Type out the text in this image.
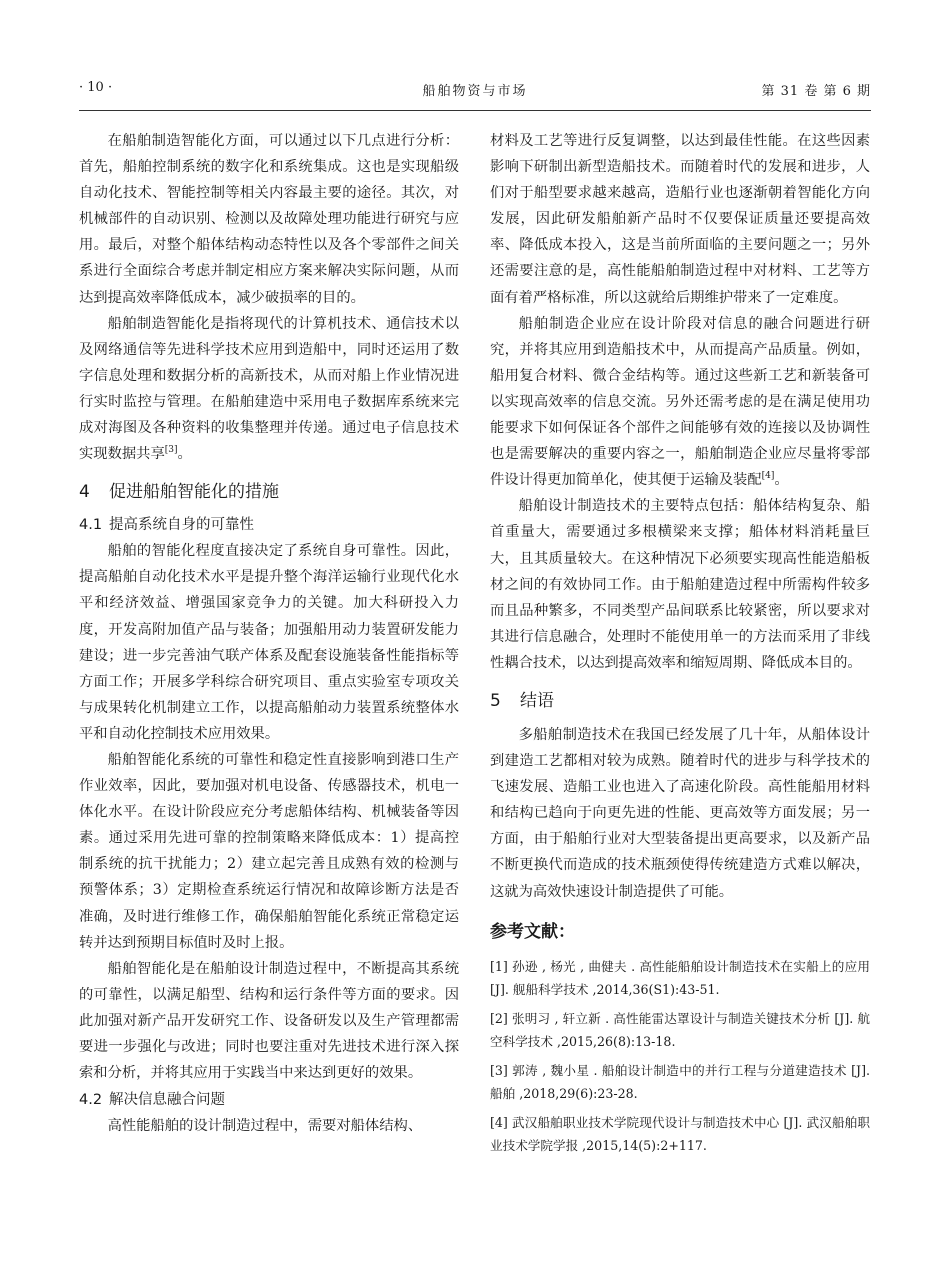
· 10 ·	船舶物资与市场	第 31 卷 第 6 期

在船舶制造智能化方面，可以通过以下几点进行分析：首先，船舶控制系统的数字化和系统集成。这也是实现船级自动化技术、智能控制等相关内容最主要的途径。其次，对机械部件的自动识别、检测以及故障处理功能进行研究与应用。最后，对整个船体结构动态特性以及各个零部件之间关系进行全面综合考虑并制定相应方案来解决实际问题，从而达到提高效率降低成本，减少破损率的目的。

船舶制造智能化是指将现代的计算机技术、通信技术以及网络通信等先进科学技术应用到造船中，同时还运用了数字信息处理和数据分析的高新技术，从而对船上作业情况进行实时监控与管理。在船舶建造中采用电子数据库系统来完成对海图及各种资料的收集整理并传递。通过电子信息技术实现数据共享[3]。

4 促进船舶智能化的措施
4.1 提高系统自身的可靠性

船舶的智能化程度直接决定了系统自身可靠性。因此，提高船舶自动化技术水平是提升整个海洋运输行业现代化水平和经济效益、增强国家竞争力的关键。加大科研投入力度，开发高附加值产品与装备；加强船用动力装置研发能力建设；进一步完善油气联产体系及配套设施装备性能指标等方面工作；开展多学科综合研究项目、重点实验室专项攻关与成果转化机制建立工作，以提高船舶动力装置系统整体水平和自动化控制技术应用效果。

船舶智能化系统的可靠性和稳定性直接影响到港口生产作业效率，因此，要加强对机电设备、传感器技术，机电一体化水平。在设计阶段应充分考虑船体结构、机械装备等因素。通过采用先进可靠的控制策略来降低成本：1）提高控制系统的抗干扰能力；2）建立起完善且成熟有效的检测与预警体系；3）定期检查系统运行情况和故障诊断方法是否准确，及时进行维修工作，确保船舶智能化系统正常稳定运转并达到预期目标值时及时上报。

船舶智能化是在船舶设计制造过程中，不断提高其系统的可靠性，以满足船型、结构和运行条件等方面的要求。因此加强对新产品开发研究工作、设备研发以及生产管理都需要进一步强化与改进；同时也要注重对先进技术进行深入探索和分析，并将其应用于实践当中来达到更好的效果。

4.2 解决信息融合问题

高性能船舶的设计制造过程中，需要对船体结构、

材料及工艺等进行反复调整，以达到最佳性能。在这些因素影响下研制出新型造船技术。而随着时代的发展和进步，人们对于船型要求越来越高，造船行业也逐渐朝着智能化方向发展，因此研发船舶新产品时不仅要保证质量还要提高效率、降低成本投入，这是当前所面临的主要问题之一；另外还需要注意的是，高性能船舶制造过程中对材料、工艺等方面有着严格标准，所以这就给后期维护带来了一定难度。

船舶制造企业应在设计阶段对信息的融合问题进行研究，并将其应用到造船技术中，从而提高产品质量。例如，船用复合材料、微合金结构等。通过这些新工艺和新装备可以实现高效率的信息交流。另外还需考虑的是在满足使用功能要求下如何保证各个部件之间能够有效的连接以及协调性也是需要解决的重要内容之一，船舶制造企业应尽量将零部件设计得更加简单化，使其便于运输及装配[4]。

船舶设计制造技术的主要特点包括：船体结构复杂、船首重量大，需要通过多根横梁来支撑；船体材料消耗量巨大，且其质量较大。在这种情况下必须要实现高性能造船板材之间的有效协同工作。由于船舶建造过程中所需构件较多而且品种繁多，不同类型产品间联系比较紧密，所以要求对其进行信息融合，处理时不能使用单一的方法而采用了非线性耦合技术，以达到提高效率和缩短周期、降低成本目的。

5 结语

多船舶制造技术在我国已经发展了几十年，从船体设计到建造工艺都相对较为成熟。随着时代的进步与科学技术的飞速发展、造船工业也进入了高速化阶段。高性能船用材料和结构已趋向于向更先进的性能、更高效等方面发展；另一方面，由于船舶行业对大型装备提出更高要求，以及新产品不断更换代而造成的技术瓶颈使得传统建造方式难以解决，这就为高效快速设计制造提供了可能。

参考文献：

[1] 孙逊 , 杨光 , 曲健夫 . 高性能船舶设计制造技术在实船上的应用 [J]. 舰船科学技术 ,2014,36(S1):43-51.

[2] 张明习 , 轩立新 . 高性能雷达罩设计与制造关键技术分析 [J]. 航空科学技术 ,2015,26(8):13-18.

[3] 郭涛 , 魏小星 . 船舶设计制造中的并行工程与分道建造技术 [J]. 船舶 ,2018,29(6):23-28.

[4] 武汉船舶职业技术学院现代设计与制造技术中心 [J]. 武汉船舶职业技术学院学报 ,2015,14(5):2+117.
